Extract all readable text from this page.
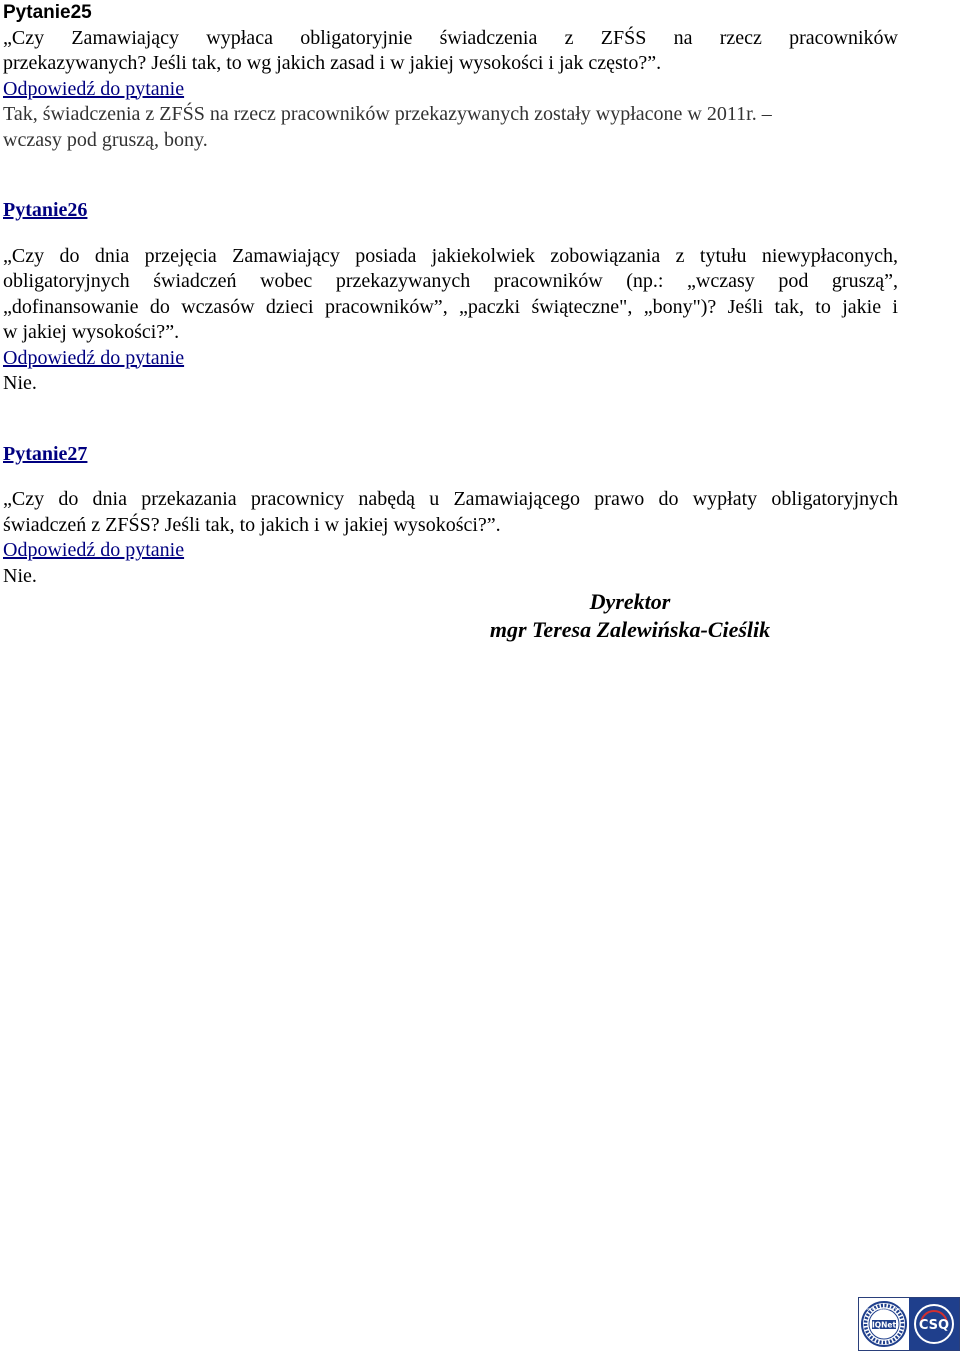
Pytanie25

„Czy Zamawiający wypłaca obligatoryjnie świadczenia z ZFŚS na rzecz pracowników

przekazywanych? Jeśli tak, to wg jakich zasad i w jakiej wysokości i jak często?”.

Odpowiedź do pytanie

Tak, świadczenia z ZFŚS na rzecz pracowników przekazywanych zostały wypłacone w 2011r. –

wczasy pod gruszą, bony.

Pytanie26

„Czy do dnia przejęcia Zamawiający posiada jakiekolwiek zobowiązania z tytułu niewypłaconych,

obligatoryjnych świadczeń wobec przekazywanych pracowników (np.: „wczasy pod gruszą”,

„dofinansowanie do wczasów dzieci pracowników”, „paczki świąteczne", „bony")? Jeśli tak, to jakie i

w jakiej wysokości?”.

Odpowiedź do pytanie

Nie.

Pytanie27

„Czy do dnia przekazania pracownicy nabędą u Zamawiającego prawo do wypłaty obligatoryjnych

świadczeń z ZFŚS? Jeśli tak, to jakich i w jakiej wysokości?”.

Odpowiedź do pytanie

Nie.

Dyrektor
mgr Teresa Zalewińska-Cieślik
IQNet
CERTIFIED MANAGEMENT SYSTEM
CSQ
